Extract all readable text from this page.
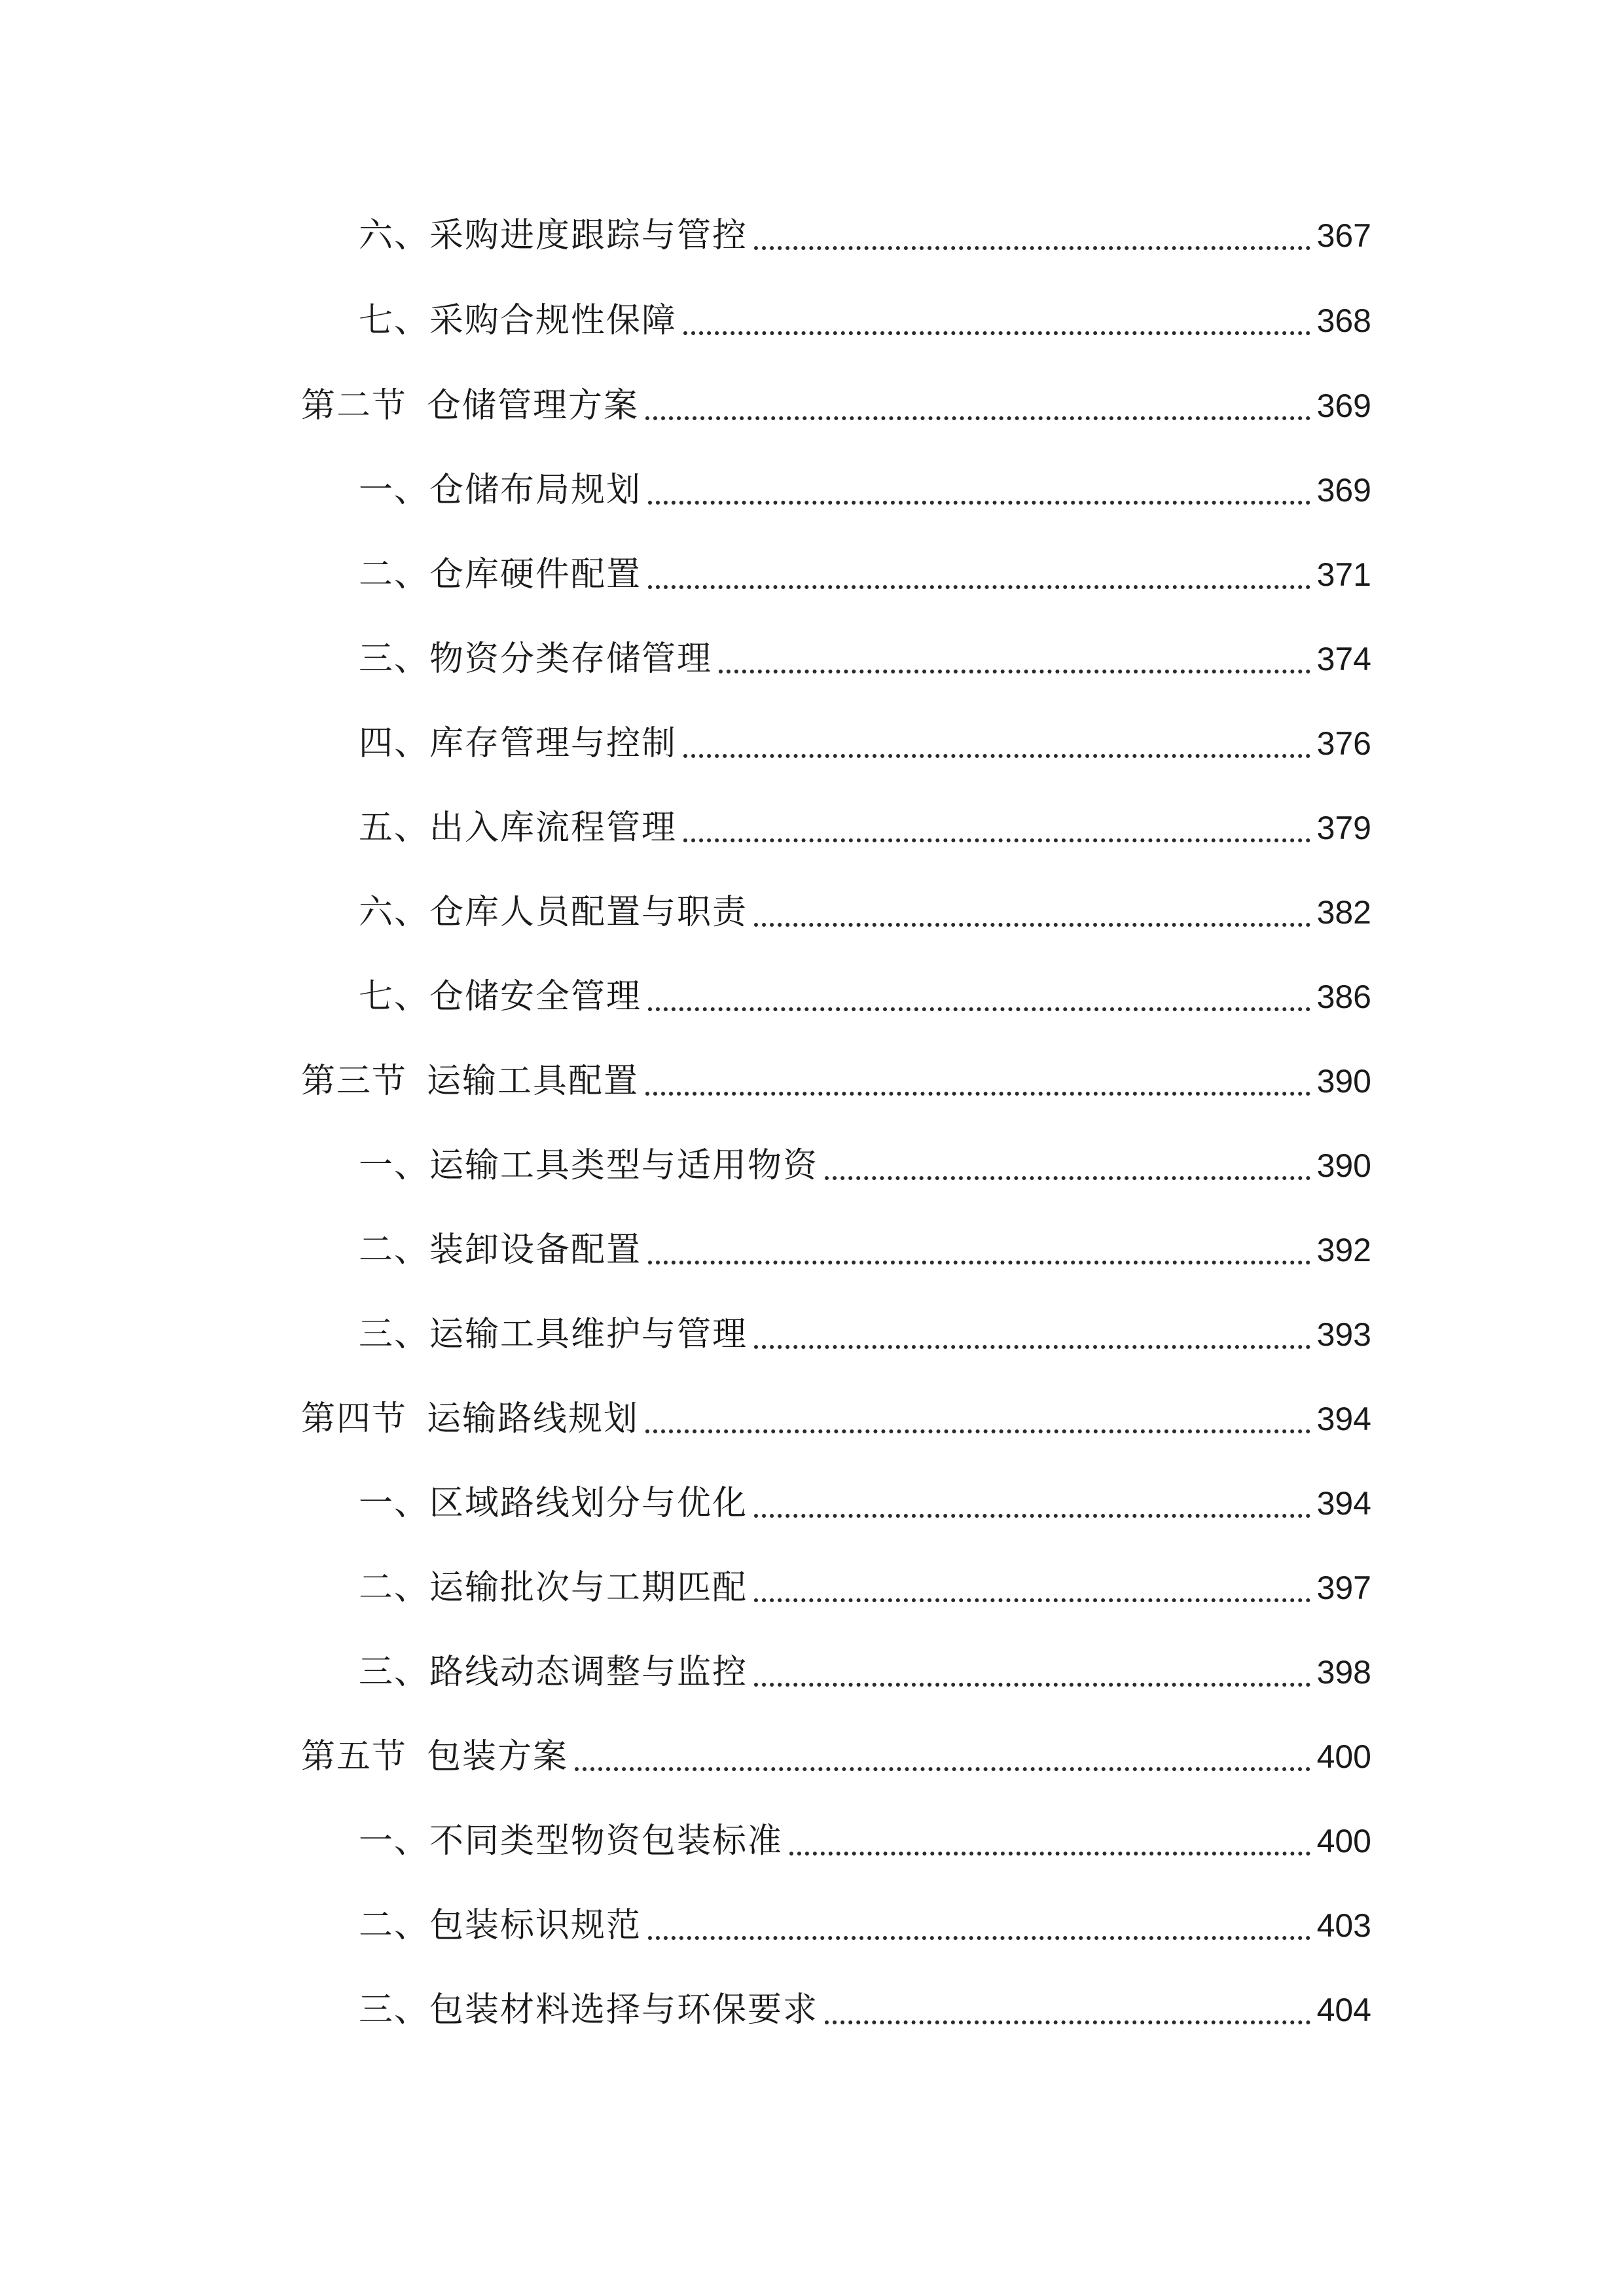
六、采购进度跟踪与管控	367
七、采购合规性保障	368
第二节 仓储管理方案	369
一、仓储布局规划	369
二、仓库硬件配置	371
三、物资分类存储管理	374
四、库存管理与控制	376
五、出入库流程管理	379
六、仓库人员配置与职责	382
七、仓储安全管理	386
第三节 运输工具配置	390
一、运输工具类型与适用物资	390
二、装卸设备配置	392
三、运输工具维护与管理	393
第四节 运输路线规划	394
一、区域路线划分与优化	394
二、运输批次与工期匹配	397
三、路线动态调整与监控	398
第五节 包装方案	400
一、不同类型物资包装标准	400
二、包装标识规范	403
三、包装材料选择与环保要求	404
